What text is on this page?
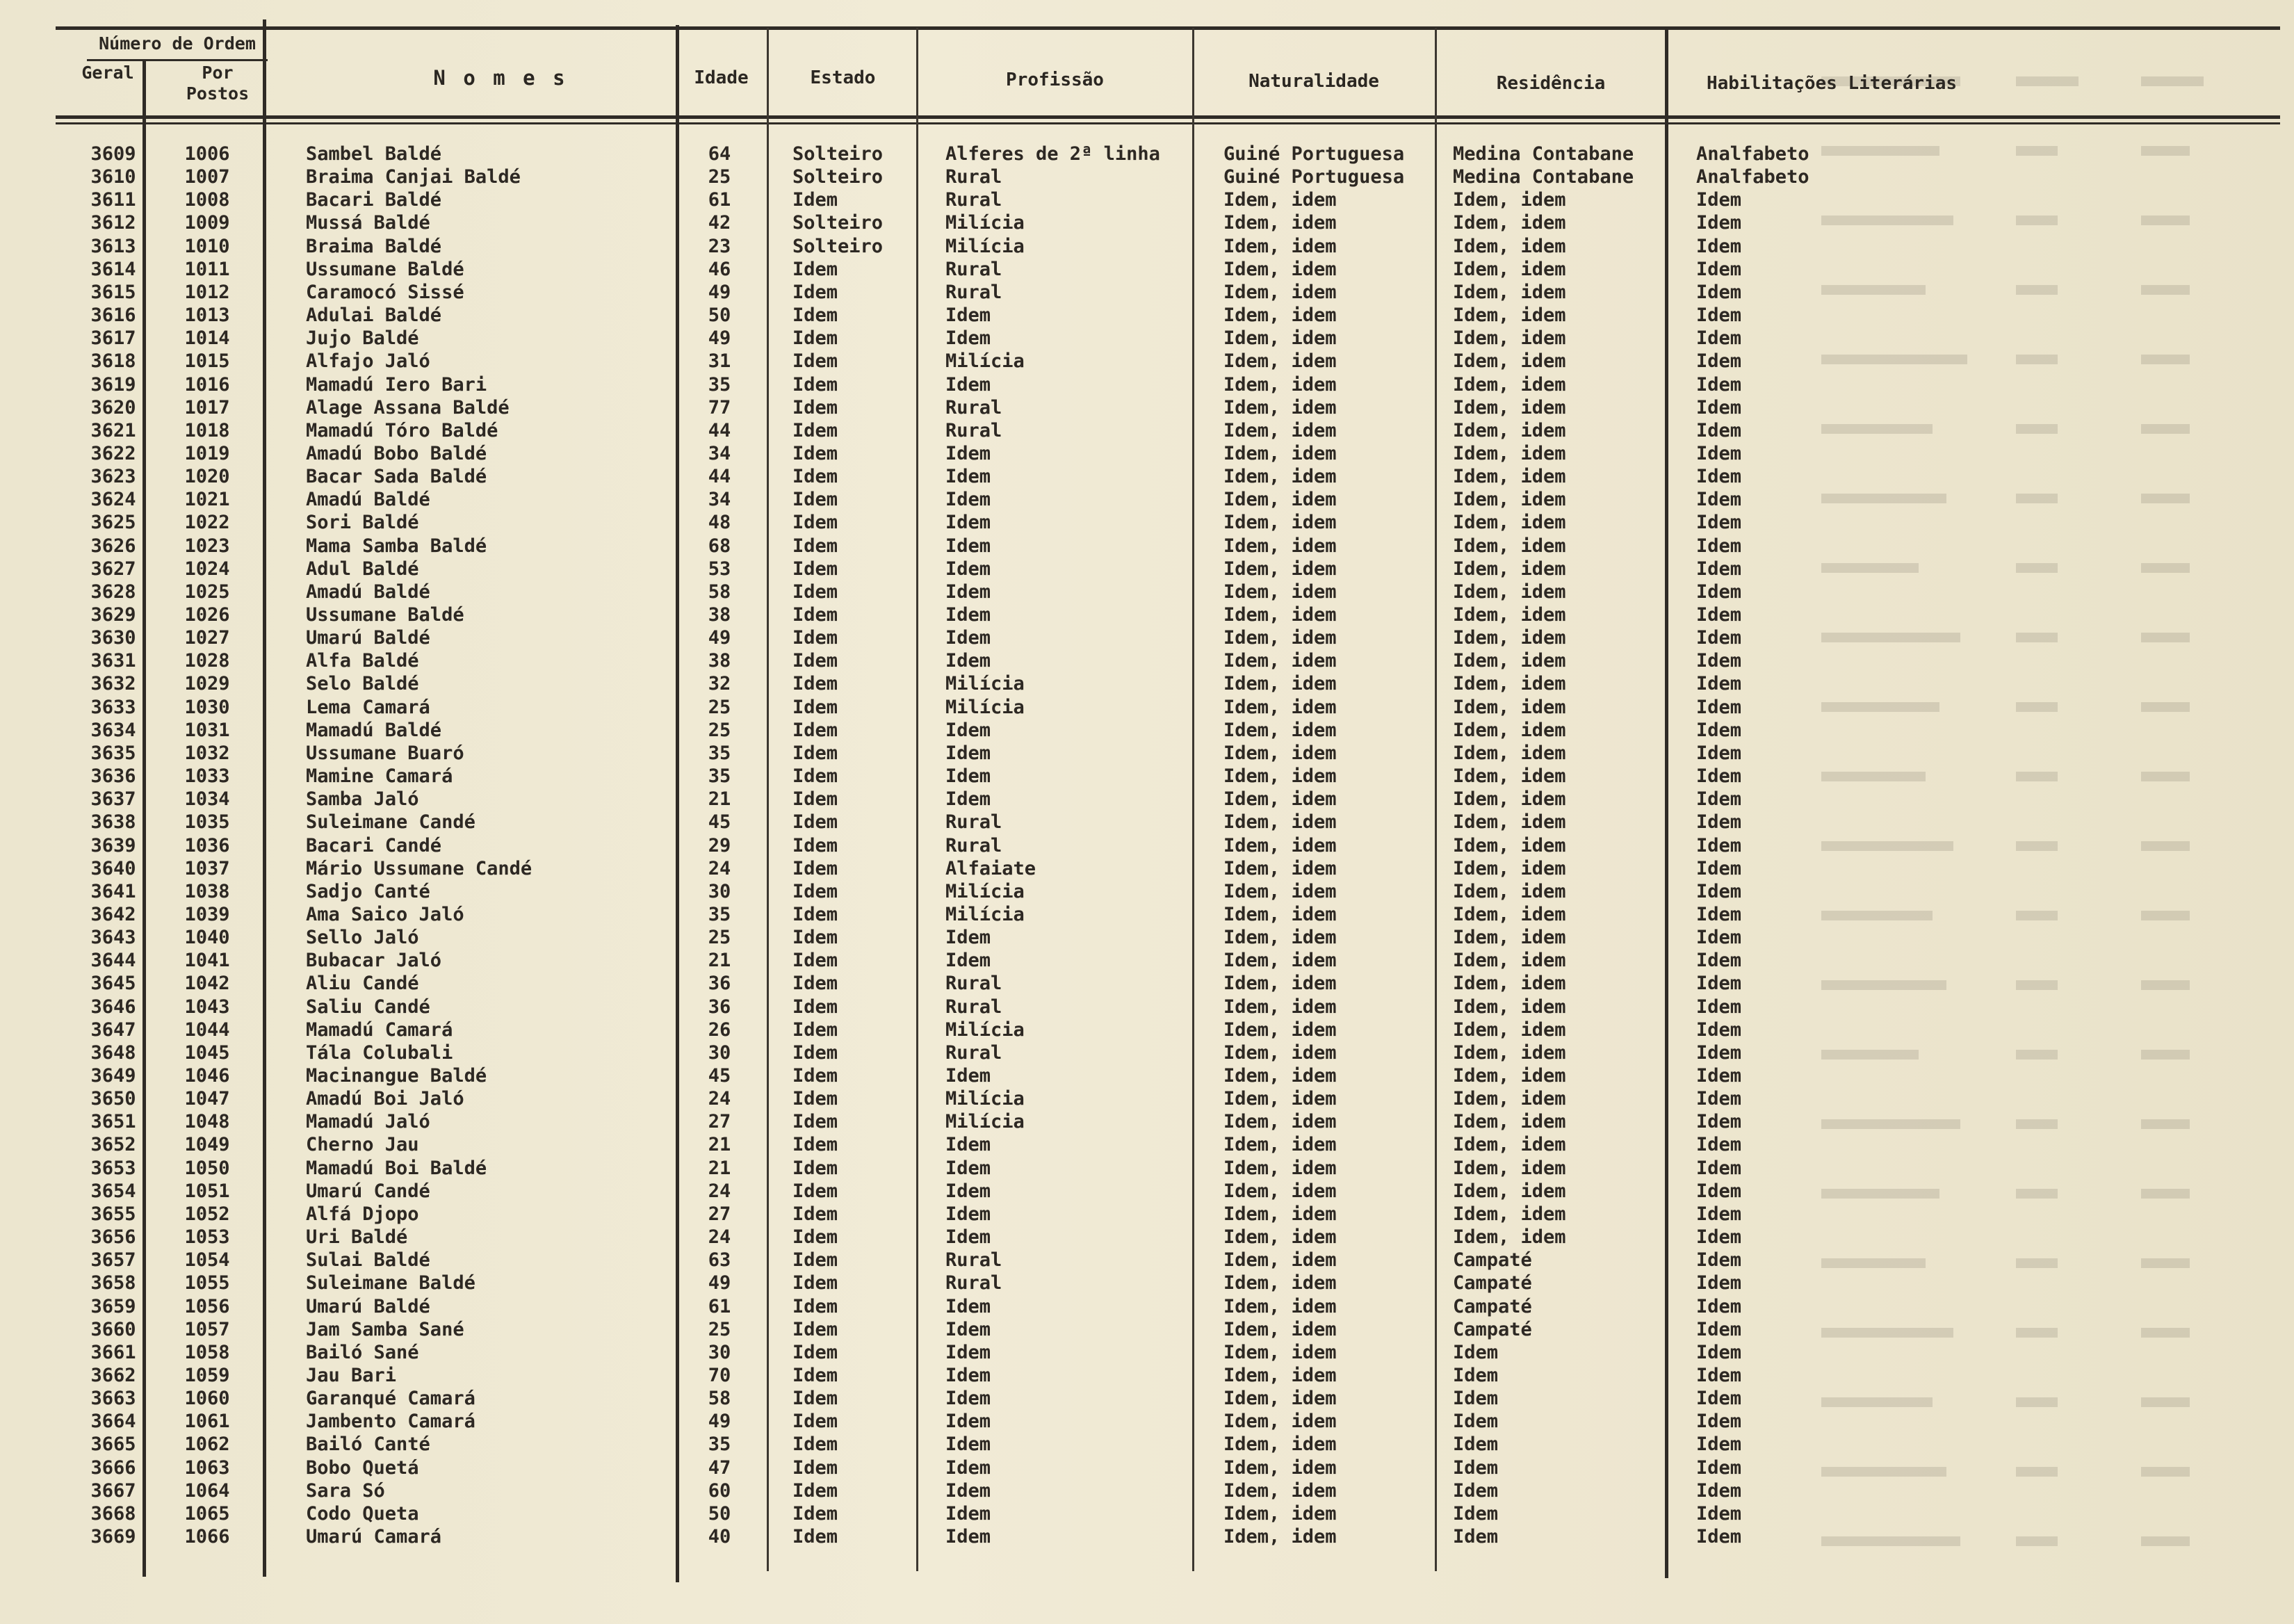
Número de Ordem
Geral	Por Postos
N o m e s	Idade	Estado	Profissão	Naturalidade	Residência	Habilitações Literárias
3609	1006	Sambel Baldé	64	Solteiro	Alferes de 2ª linha	Guiné Portuguesa	Medina Contabane	Analfabeto
3610	1007	Braima Canjai Baldé	25	Solteiro	Rural	Guiné Portuguesa	Medina Contabane	Analfabeto
3611	1008	Bacari Baldé	61	Idem	Rural	Idem, idem	Idem, idem	Idem
3612	1009	Mussá Baldé	42	Solteiro	Milícia	Idem, idem	Idem, idem	Idem
3613	1010	Braima Baldé	23	Solteiro	Milícia	Idem, idem	Idem, idem	Idem
3614	1011	Ussumane Baldé	46	Idem	Rural	Idem, idem	Idem, idem	Idem
3615	1012	Caramocó Sissé	49	Idem	Rural	Idem, idem	Idem, idem	Idem
3616	1013	Adulai Baldé	50	Idem	Idem	Idem, idem	Idem, idem	Idem
3617	1014	Jujo Baldé	49	Idem	Idem	Idem, idem	Idem, idem	Idem
3618	1015	Alfajo Jaló	31	Idem	Milícia	Idem, idem	Idem, idem	Idem
3619	1016	Mamadú Iero Bari	35	Idem	Idem	Idem, idem	Idem, idem	Idem
3620	1017	Alage Assana Baldé	77	Idem	Rural	Idem, idem	Idem, idem	Idem
3621	1018	Mamadú Tóro Baldé	44	Idem	Rural	Idem, idem	Idem, idem	Idem
3622	1019	Amadú Bobo Baldé	34	Idem	Idem	Idem, idem	Idem, idem	Idem
3623	1020	Bacar Sada Baldé	44	Idem	Idem	Idem, idem	Idem, idem	Idem
3624	1021	Amadú Baldé	34	Idem	Idem	Idem, idem	Idem, idem	Idem
3625	1022	Sori Baldé	48	Idem	Idem	Idem, idem	Idem, idem	Idem
3626	1023	Mama Samba Baldé	68	Idem	Idem	Idem, idem	Idem, idem	Idem
3627	1024	Adul Baldé	53	Idem	Idem	Idem, idem	Idem, idem	Idem
3628	1025	Amadú Baldé	58	Idem	Idem	Idem, idem	Idem, idem	Idem
3629	1026	Ussumane Baldé	38	Idem	Idem	Idem, idem	Idem, idem	Idem
3630	1027	Umarú Baldé	49	Idem	Idem	Idem, idem	Idem, idem	Idem
3631	1028	Alfa Baldé	38	Idem	Idem	Idem, idem	Idem, idem	Idem
3632	1029	Selo Baldé	32	Idem	Milícia	Idem, idem	Idem, idem	Idem
3633	1030	Lema Camará	25	Idem	Milícia	Idem, idem	Idem, idem	Idem
3634	1031	Mamadú Baldé	25	Idem	Idem	Idem, idem	Idem, idem	Idem
3635	1032	Ussumane Buaró	35	Idem	Idem	Idem, idem	Idem, idem	Idem
3636	1033	Mamine Camará	35	Idem	Idem	Idem, idem	Idem, idem	Idem
3637	1034	Samba Jaló	21	Idem	Idem	Idem, idem	Idem, idem	Idem
3638	1035	Suleimane Candé	45	Idem	Rural	Idem, idem	Idem, idem	Idem
3639	1036	Bacari Candé	29	Idem	Rural	Idem, idem	Idem, idem	Idem
3640	1037	Mário Ussumane Candé	24	Idem	Alfaiate	Idem, idem	Idem, idem	Idem
3641	1038	Sadjo Canté	30	Idem	Milícia	Idem, idem	Idem, idem	Idem
3642	1039	Ama Saico Jaló	35	Idem	Milícia	Idem, idem	Idem, idem	Idem
3643	1040	Sello Jaló	25	Idem	Idem	Idem, idem	Idem, idem	Idem
3644	1041	Bubacar Jaló	21	Idem	Idem	Idem, idem	Idem, idem	Idem
3645	1042	Aliu Candé	36	Idem	Rural	Idem, idem	Idem, idem	Idem
3646	1043	Saliu Candé	36	Idem	Rural	Idem, idem	Idem, idem	Idem
3647	1044	Mamadú Camará	26	Idem	Milícia	Idem, idem	Idem, idem	Idem
3648	1045	Tála Colubali	30	Idem	Rural	Idem, idem	Idem, idem	Idem
3649	1046	Macinangue Baldé	45	Idem	Idem	Idem, idem	Idem, idem	Idem
3650	1047	Amadú Boi Jaló	24	Idem	Milícia	Idem, idem	Idem, idem	Idem
3651	1048	Mamadú Jaló	27	Idem	Milícia	Idem, idem	Idem, idem	Idem
3652	1049	Cherno Jau	21	Idem	Idem	Idem, idem	Idem, idem	Idem
3653	1050	Mamadú Boi Baldé	21	Idem	Idem	Idem, idem	Idem, idem	Idem
3654	1051	Umarú Candé	24	Idem	Idem	Idem, idem	Idem, idem	Idem
3655	1052	Alfá Djopo	27	Idem	Idem	Idem, idem	Idem, idem	Idem
3656	1053	Uri Baldé	24	Idem	Idem	Idem, idem	Idem, idem	Idem
3657	1054	Sulai Baldé	63	Idem	Rural	Idem, idem	Campaté	Idem
3658	1055	Suleimane Baldé	49	Idem	Rural	Idem, idem	Campaté	Idem
3659	1056	Umarú Baldé	61	Idem	Idem	Idem, idem	Campaté	Idem
3660	1057	Jam Samba Sané	25	Idem	Idem	Idem, idem	Campaté	Idem
3661	1058	Bailó Sané	30	Idem	Idem	Idem, idem	Idem	Idem
3662	1059	Jau Bari	70	Idem	Idem	Idem, idem	Idem	Idem
3663	1060	Garanqué Camará	58	Idem	Idem	Idem, idem	Idem	Idem
3664	1061	Jambento Camará	49	Idem	Idem	Idem, idem	Idem	Idem
3665	1062	Bailó Canté	35	Idem	Idem	Idem, idem	Idem	Idem
3666	1063	Bobo Quetá	47	Idem	Idem	Idem, idem	Idem	Idem
3667	1064	Sara Só	60	Idem	Idem	Idem, idem	Idem	Idem
3668	1065	Codo Queta	50	Idem	Idem	Idem, idem	Idem	Idem
3669	1066	Umarú Camará	40	Idem	Idem	Idem, idem	Idem	Idem
